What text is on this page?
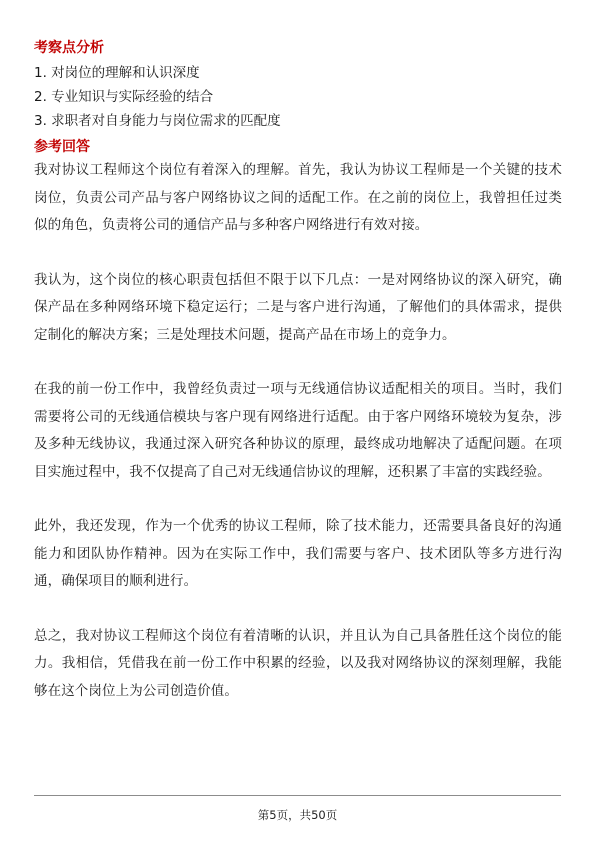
考察点分析
1. 对岗位的理解和认识深度
2. 专业知识与实际经验的结合
3. 求职者对自身能力与岗位需求的匹配度
参考回答

我对协议工程师这个岗位有着深入的理解。首先，我认为协议工程师是一个关键的技术岗位，负责公司产品与客户网络协议之间的适配工作。在之前的岗位上，我曾担任过类似的角色，负责将公司的通信产品与多种客户网络进行有效对接。

我认为，这个岗位的核心职责包括但不限于以下几点：一是对网络协议的深入研究，确保产品在多种网络环境下稳定运行；二是与客户进行沟通，了解他们的具体需求，提供定制化的解决方案；三是处理技术问题，提高产品在市场上的竞争力。

在我的前一份工作中，我曾经负责过一项与无线通信协议适配相关的项目。当时，我们需要将公司的无线通信模块与客户现有网络进行适配。由于客户网络环境较为复杂，涉及多种无线协议，我通过深入研究各种协议的原理，最终成功地解决了适配问题。在项目实施过程中，我不仅提高了自己对无线通信协议的理解，还积累了丰富的实践经验。

此外，我还发现，作为一个优秀的协议工程师，除了技术能力，还需要具备良好的沟通能力和团队协作精神。因为在实际工作中，我们需要与客户、技术团队等多方进行沟通，确保项目的顺利进行。

总之，我对协议工程师这个岗位有着清晰的认识，并且认为自己具备胜任这个岗位的能力。我相信，凭借我在前一份工作中积累的经验，以及我对网络协议的深刻理解，我能够在这个岗位上为公司创造价值。

第5页，共50页
